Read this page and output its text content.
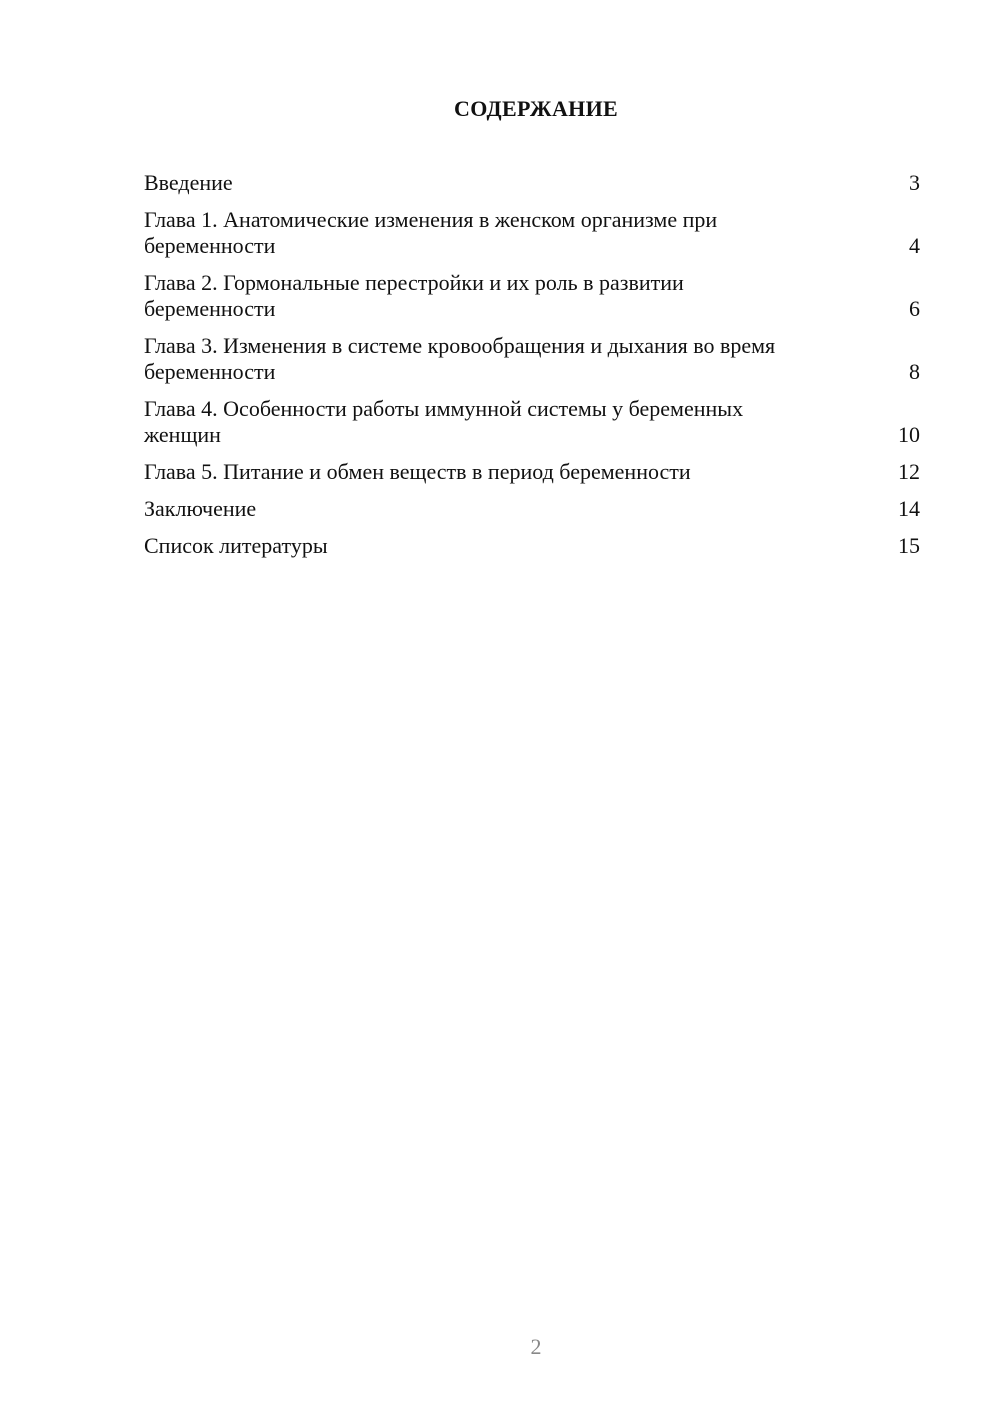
СОДЕРЖАНИЕ
Введение	3
Глава 1. Анатомические изменения в женском организме при беременности	4
Глава 2. Гормональные перестройки и их роль в развитии беременности	6
Глава 3. Изменения в системе кровообращения и дыхания во время беременности	8
Глава 4. Особенности работы иммунной системы у беременных женщин	10
Глава 5. Питание и обмен веществ в период беременности	12
Заключение	14
Список литературы	15
2
